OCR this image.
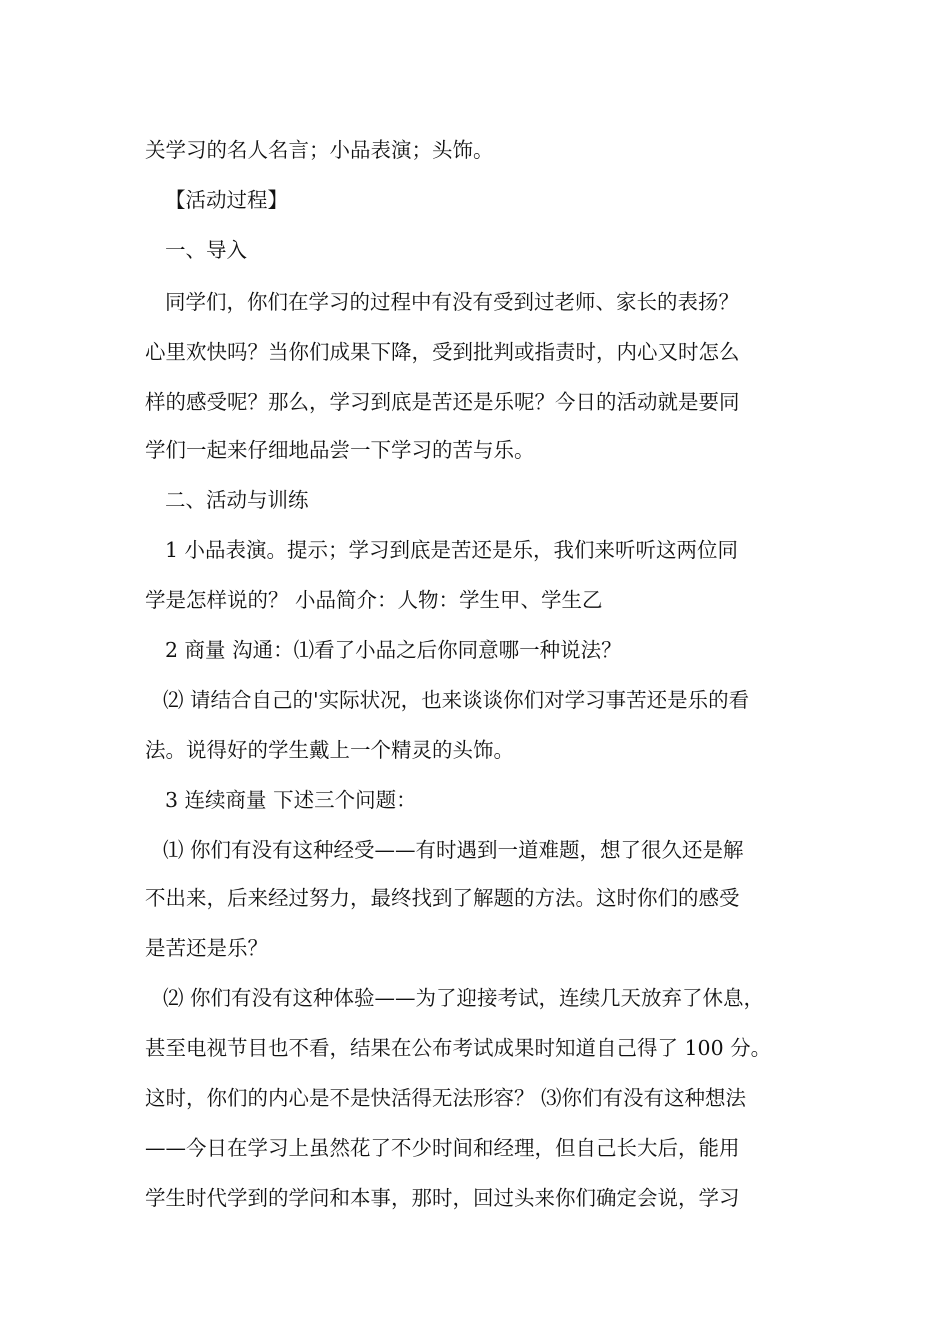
关学习的名人名言；小品表演；头饰。
【活动过程】
一、导入
同学们，你们在学习的过程中有没有受到过老师、家长的表扬？
心里欢快吗？当你们成果下降，受到批判或指责时，内心又时怎么
样的感受呢？那么，学习到底是苦还是乐呢？今日的活动就是要同
学们一起来仔细地品尝一下学习的苦与乐。
二、活动与训练
1 小品表演。提示；学习到底是苦还是乐，我们来听听这两位同
学是怎样说的？ 小品简介：人物：学生甲、学生乙
2 商量 沟通：⑴看了小品之后你同意哪一种说法？
⑵ 请结合自己的'实际状况，也来谈谈你们对学习事苦还是乐的看
法。说得好的学生戴上一个精灵的头饰。
3 连续商量 下述三个问题：
⑴ 你们有没有这种经受——有时遇到一道难题，想了很久还是解
不出来，后来经过努力，最终找到了解题的方法。这时你们的感受
是苦还是乐？
⑵ 你们有没有这种体验——为了迎接考试，连续几天放弃了休息，
甚至电视节目也不看，结果在公布考试成果时知道自己得了 100 分。
这时，你们的内心是不是快活得无法形容？ ⑶你们有没有这种想法
——今日在学习上虽然花了不少时间和经理，但自己长大后，能用
学生时代学到的学问和本事，那时，回过头来你们确定会说，学习
